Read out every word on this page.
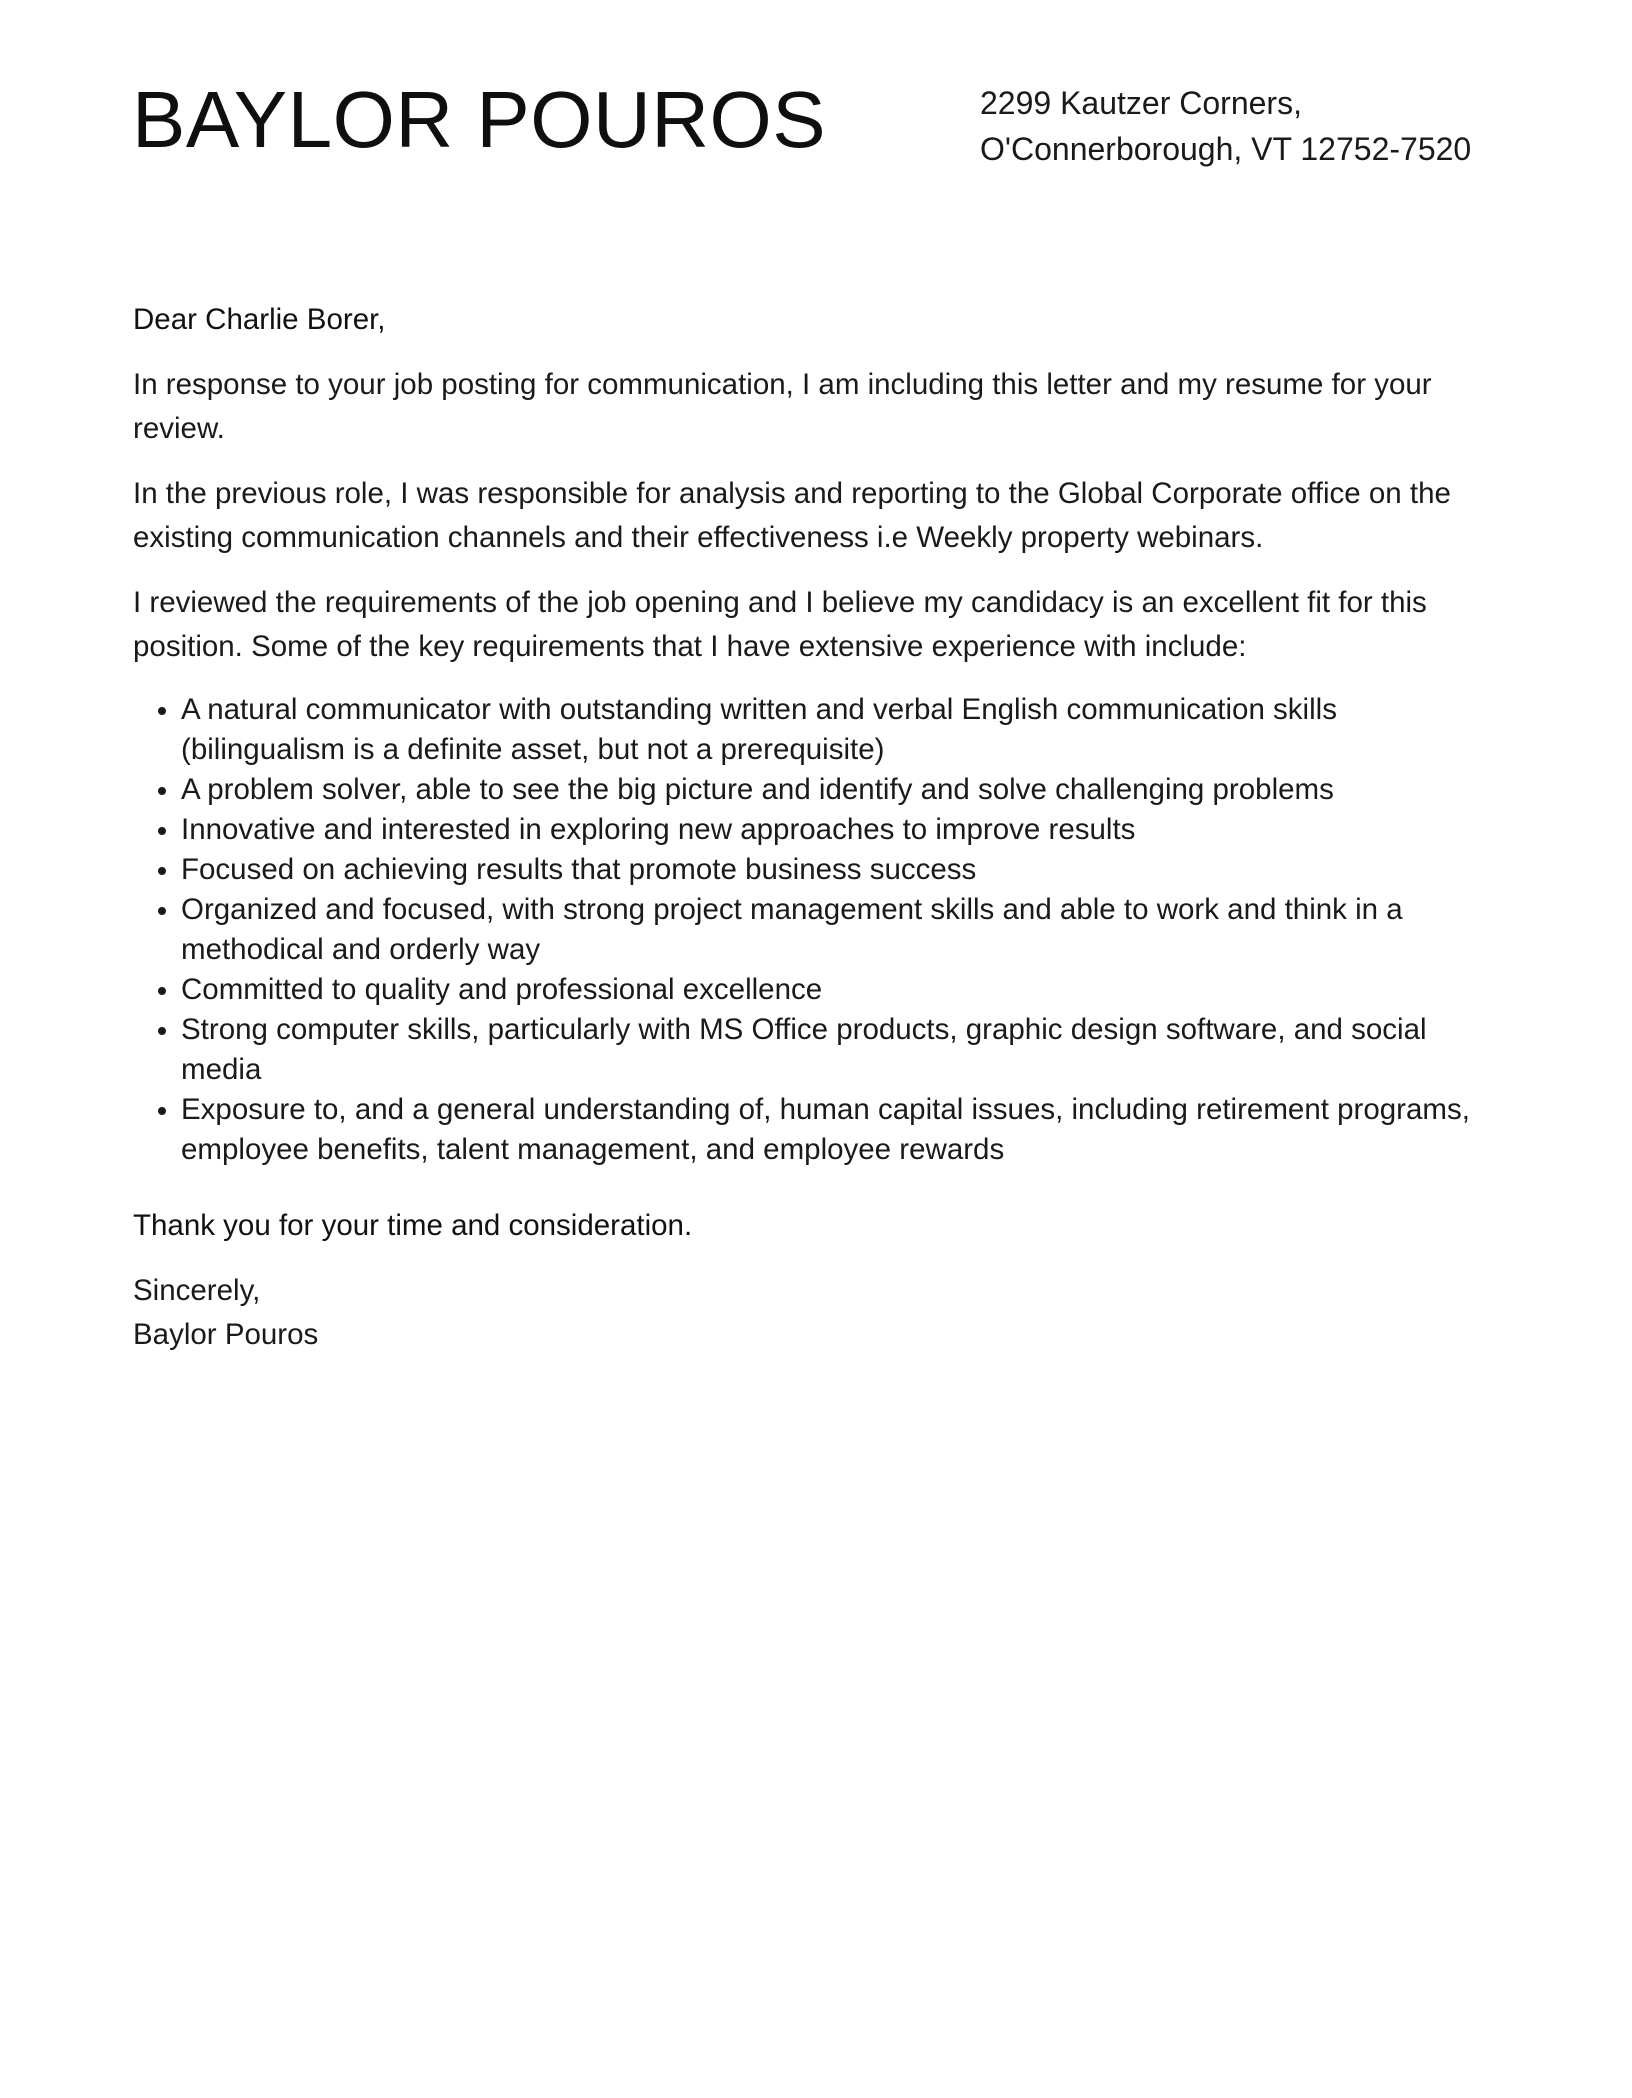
BAYLOR POUROS	2299 Kautzer Corners,
O'Connerborough, VT 12752-7520

Dear Charlie Borer,

In response to your job posting for communication, I am including this letter and my resume for your review.

In the previous role, I was responsible for analysis and reporting to the Global Corporate office on the existing communication channels and their effectiveness i.e Weekly property webinars.

I reviewed the requirements of the job opening and I believe my candidacy is an excellent fit for this position. Some of the key requirements that I have extensive experience with include:

• A natural communicator with outstanding written and verbal English communication skills (bilingualism is a definite asset, but not a prerequisite)
• A problem solver, able to see the big picture and identify and solve challenging problems
• Innovative and interested in exploring new approaches to improve results
• Focused on achieving results that promote business success
• Organized and focused, with strong project management skills and able to work and think in a methodical and orderly way
• Committed to quality and professional excellence
• Strong computer skills, particularly with MS Office products, graphic design software, and social media
• Exposure to, and a general understanding of, human capital issues, including retirement programs, employee benefits, talent management, and employee rewards

Thank you for your time and consideration.

Sincerely,
Baylor Pouros
